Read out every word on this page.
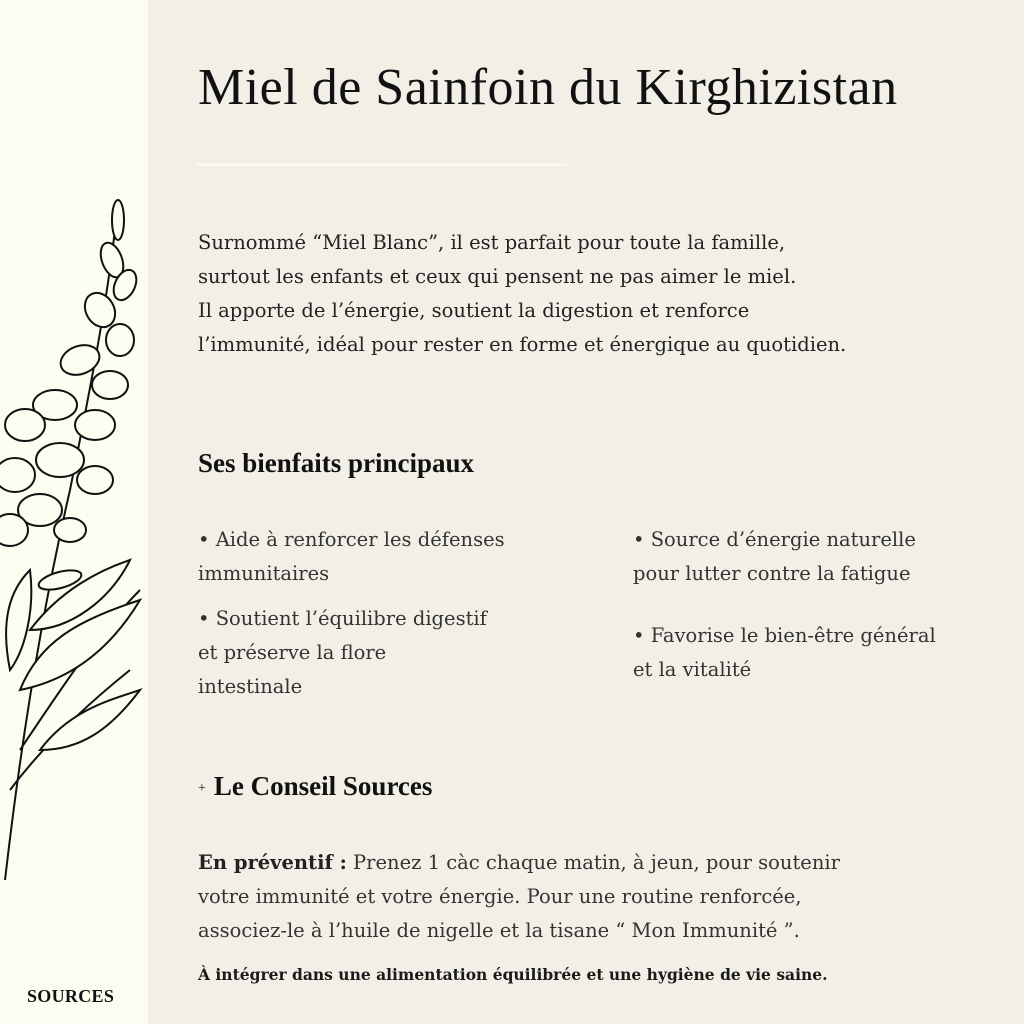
Miel de Sainfoin du Kirghizistan
Surnommé “Miel Blanc”, il est parfait pour toute la famille,
surtout les enfants et ceux qui pensent ne pas aimer le miel.
Il apporte de l’énergie, soutient la digestion et renforce
l’immunité, idéal pour rester en forme et énergique au quotidien.
Ses bienfaits principaux
• Aide à renforcer les défenses
immunitaires
• Soutient l’équilibre digestif
et préserve la flore
intestinale
• Source d’énergie naturelle
pour lutter contre la fatigue
• Favorise le bien-être général
et la vitalité
+ Le Conseil Sources
En préventif : Prenez 1 càc chaque matin, à jeun, pour soutenir
votre immunité et votre énergie. Pour une routine renforcée,
associez-le à l’huile de nigelle et la tisane “ Mon Immunité ”.
À intégrer dans une alimentation équilibrée et une hygiène de vie saine.
SOURCES
